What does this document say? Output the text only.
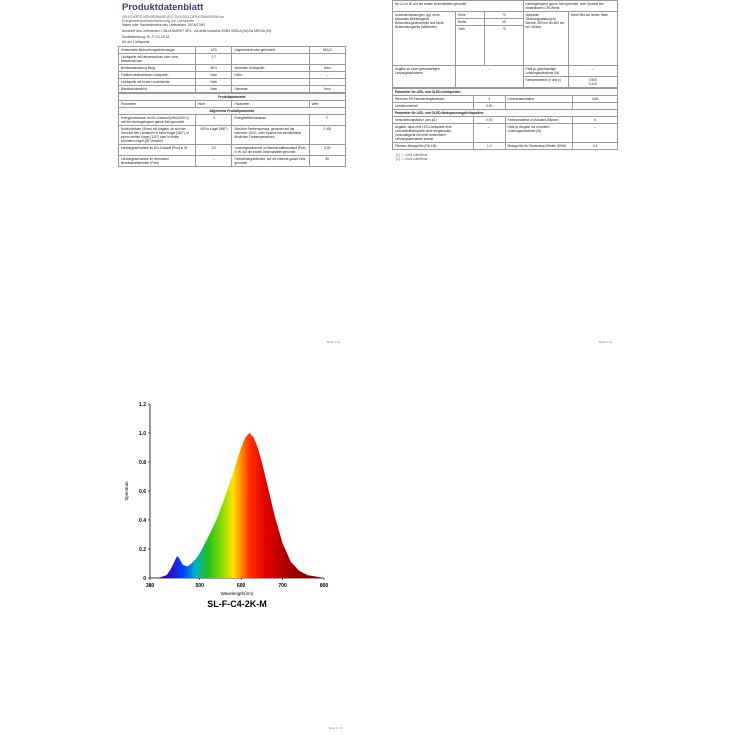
Produktdatenblatt
DELEGIERTE VERORDNUNG (EU) 2019/2015 DER KOMMISSION zur
Energieverbrauchskennzeichnung von Lichtquellen
Name oder Handelsmarke des Lieferanten: SIGNSTAR
Anschrift des Lieferanten: ITALIA MARKT SRL, Via della Industria 20/B3 IMOLA (Ita) Ita MEDIA (IO)
Modellkennung: SL-F-C4-2K-M
Art der Lichtquelle
Verwendete Beleuchtungstechnologie:	LED	Ungebündelt oder gebündelt:	NDLS
Lichtquelle mit Netzanschluss oder ohne Netzanschluss:	0,7		
Betriebssteuerung fähig:	MLS	Vernetzte Lichtquelle:	Nein
Farblich abstimmbare Lichtquelle:	Nein	Hülle:	–
Lichtquelle mit hoher Leuchtdichte:	Nein		
Blendschutzschild:	Nein	Dimmbar:	Nein
Produktparameter			
Parameter	Wert	Parameter	Wert
Allgemeine Produktparameter			
Energieverbrauch im Ein-Zustand (kWh/1000 h), auf die nächstgelegene ganze Zahl gerundet	4	Energieeffizienzklasse	F
Nutzlichtstrom (Φuse) mit Angabe, ob sich der Wert auf den Lichtstrom in einer Kugel (360°), in einem breiten Kegel (120°) oder in einem schmalen Kegel (90°) bezieht	400 in Kugel (360°)	Ähnliche Farbtemperatur, gerundet auf die nächsten 100 K, oder Spanne der einstellbaren ähnlichen Farbtemperaturen	2 400
Leistungsaufnahme im Ein-Zustand (Pon) in W	3,0	Leistungsaufnahme im Bereitschaftszustand (Psb) in W, auf die zweite Dezimalstelle gerundet	0,00
Leistungsaufnahme im vernetzten Bereitschaftsbetrieb (Pnet)	–	Farbwiedergabeindex, auf die nächste ganze Zahl gerundet	80
Seite 1 / 3
für CLI in W, auf die zweite Dezimalstelle gerundet			nächstgelegene ganze Zahl gerundet, oder Spanne der einstellbaren CRI-Werte	
Außenabmessungen, ggf. ohne separates Betriebsgerät, Beleuchtungssteuerteile und Nicht-Beleuchtungsteile (Millimeter)	Höhe	73	Spektrale Strahlungsleistung im Bereich 250 nm bis 800 nm bei Volllast	Siehe Bild auf letzter Seite
	Breite	45		
	Tiefe	73		
Angabe zu einer gleichwertigen Leistungsaufnahme	–		Falls ja, gleichwertige Leistungsaufnahme (W)	–
			Farbwertanteile (x und y)	0,500
0,415
Parameter für LED- und OLED-Lichtquellen:			
Wert des R9-Farbwiedergabeindex	4	Lebensdauerfaktor	0,89
Lichtstromerhalt	0,90		
Parameter für LED- und OLED-Netzspannungslichtquellen:			
Verschiebungsfaktor (cos φ1)	0,90	Farbkonsistenz in McAdam-Ellipsen	6
Angabe, dass eine LED-Lichtquelle eine Leuchtstofflichtquelle ohne eingebautes Vorschaltgerät mit einer bestimmten Leistungsaufnahme ersetzt	–	Falls ja, Angabe zur ersetzten Leistungsaufnahme (W)	–
Flimmer-Messgröße (Pst LM)	1,0	Messgröße für Stroboskop-Effekte (SVM)	0,4
(1) '–': nicht zutreffend
(2) '–': nicht zutreffend
Seite 2 / 3
0
0.2
0.4
0.6
0.8
1.0
1.2
380	500	600	700	800
Wavelength(nm)
Spectrum
SL-F-C4-2K-M
Seite 3 / 3
